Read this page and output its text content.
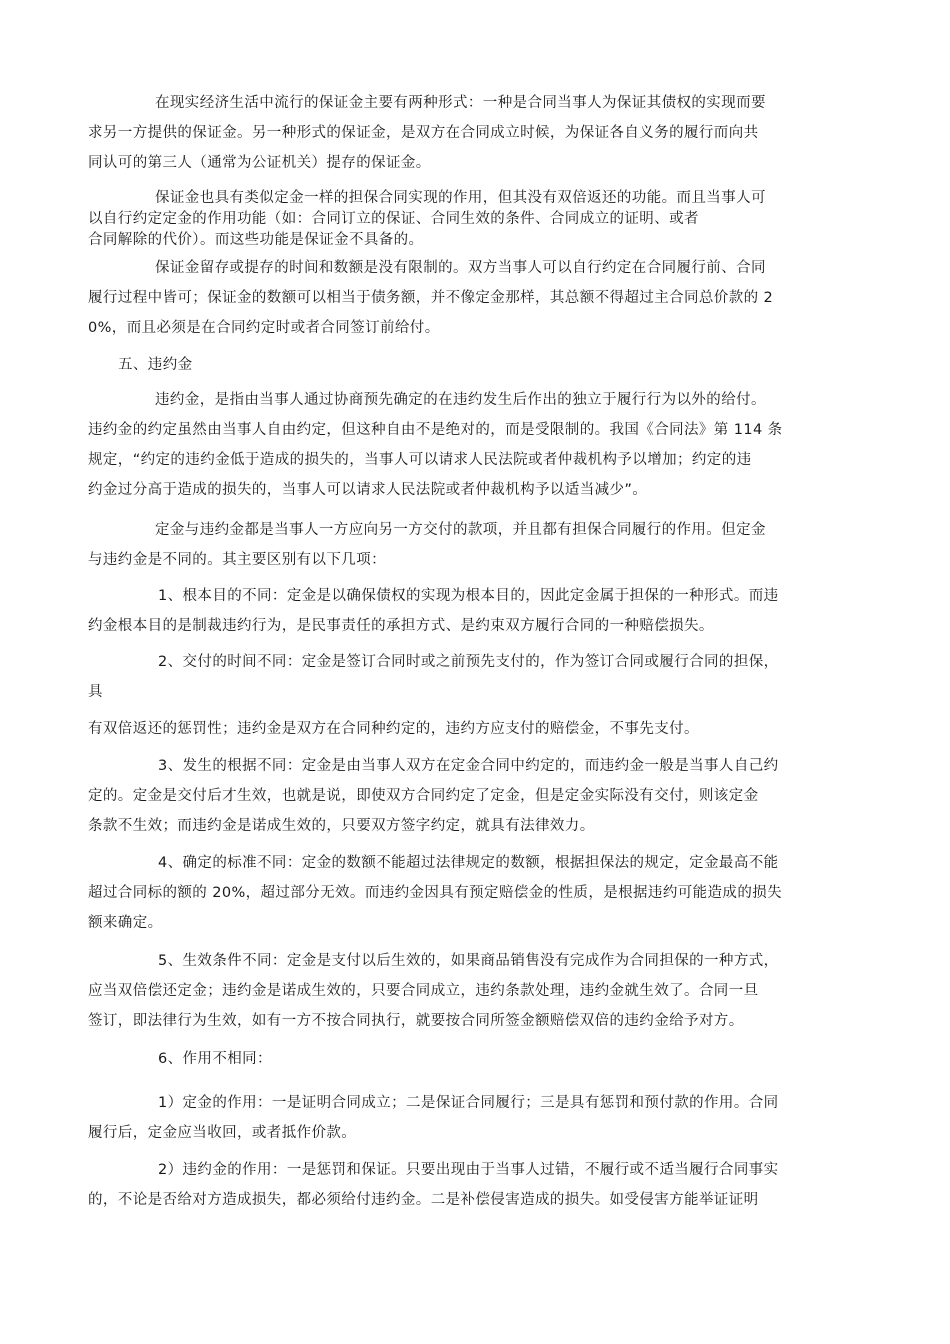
在现实经济生活中流行的保证金主要有两种形式：一种是合同当事人为保证其债权的实现而要
求另一方提供的保证金。另一种形式的保证金，是双方在合同成立时候，为保证各自义务的履行而向共
同认可的第三人（通常为公证机关）提存的保证金。
保证金也具有类似定金一样的担保合同实现的作用，但其没有双倍返还的功能。而且当事人可
以自行约定定金的作用功能（如：合同订立的保证、合同生效的条件、合同成立的证明、或者
合同解除的代价）。而这些功能是保证金不具备的。
保证金留存或提存的时间和数额是没有限制的。双方当事人可以自行约定在合同履行前、合同
履行过程中皆可；保证金的数额可以相当于债务额，并不像定金那样，其总额不得超过主合同总价款的 2
0%，而且必须是在合同约定时或者合同签订前给付。
五、违约金
违约金，是指由当事人通过协商预先确定的在违约发生后作出的独立于履行行为以外的给付。
违约金的约定虽然由当事人自由约定，但这种自由不是绝对的，而是受限制的。我国《合同法》第 114 条
规定，“约定的违约金低于造成的损失的，当事人可以请求人民法院或者仲裁机构予以增加；约定的违
约金过分高于造成的损失的，当事人可以请求人民法院或者仲裁机构予以适当减少”。
定金与违约金都是当事人一方应向另一方交付的款项，并且都有担保合同履行的作用。但定金
与违约金是不同的。其主要区别有以下几项：
1、根本目的不同：定金是以确保债权的实现为根本目的，因此定金属于担保的一种形式。而违
约金根本目的是制裁违约行为，是民事责任的承担方式、是约束双方履行合同的一种赔偿损失。
2、交付的时间不同：定金是签订合同时或之前预先支付的，作为签订合同或履行合同的担保，
具
有双倍返还的惩罚性；违约金是双方在合同种约定的，违约方应支付的赔偿金，不事先支付。
3、发生的根据不同：定金是由当事人双方在定金合同中约定的，而违约金一般是当事人自己约
定的。定金是交付后才生效，也就是说，即使双方合同约定了定金，但是定金实际没有交付，则该定金
条款不生效；而违约金是诺成生效的，只要双方签字约定，就具有法律效力。
4、确定的标准不同：定金的数额不能超过法律规定的数额，根据担保法的规定，定金最高不能
超过合同标的额的 20%，超过部分无效。而违约金因具有预定赔偿金的性质，是根据违约可能造成的损失
额来确定。
5、生效条件不同：定金是支付以后生效的，如果商品销售没有完成作为合同担保的一种方式，
应当双倍偿还定金；违约金是诺成生效的，只要合同成立，违约条款处理，违约金就生效了。合同一旦
签订，即法律行为生效，如有一方不按合同执行，就要按合同所签金额赔偿双倍的违约金给予对方。
6、作用不相同：
1）定金的作用：一是证明合同成立；二是保证合同履行；三是具有惩罚和预付款的作用。合同
履行后，定金应当收回，或者抵作价款。
2）违约金的作用：一是惩罚和保证。只要出现由于当事人过错，不履行或不适当履行合同事实
的，不论是否给对方造成损失，都必须给付违约金。二是补偿侵害造成的损失。如受侵害方能举证证明
